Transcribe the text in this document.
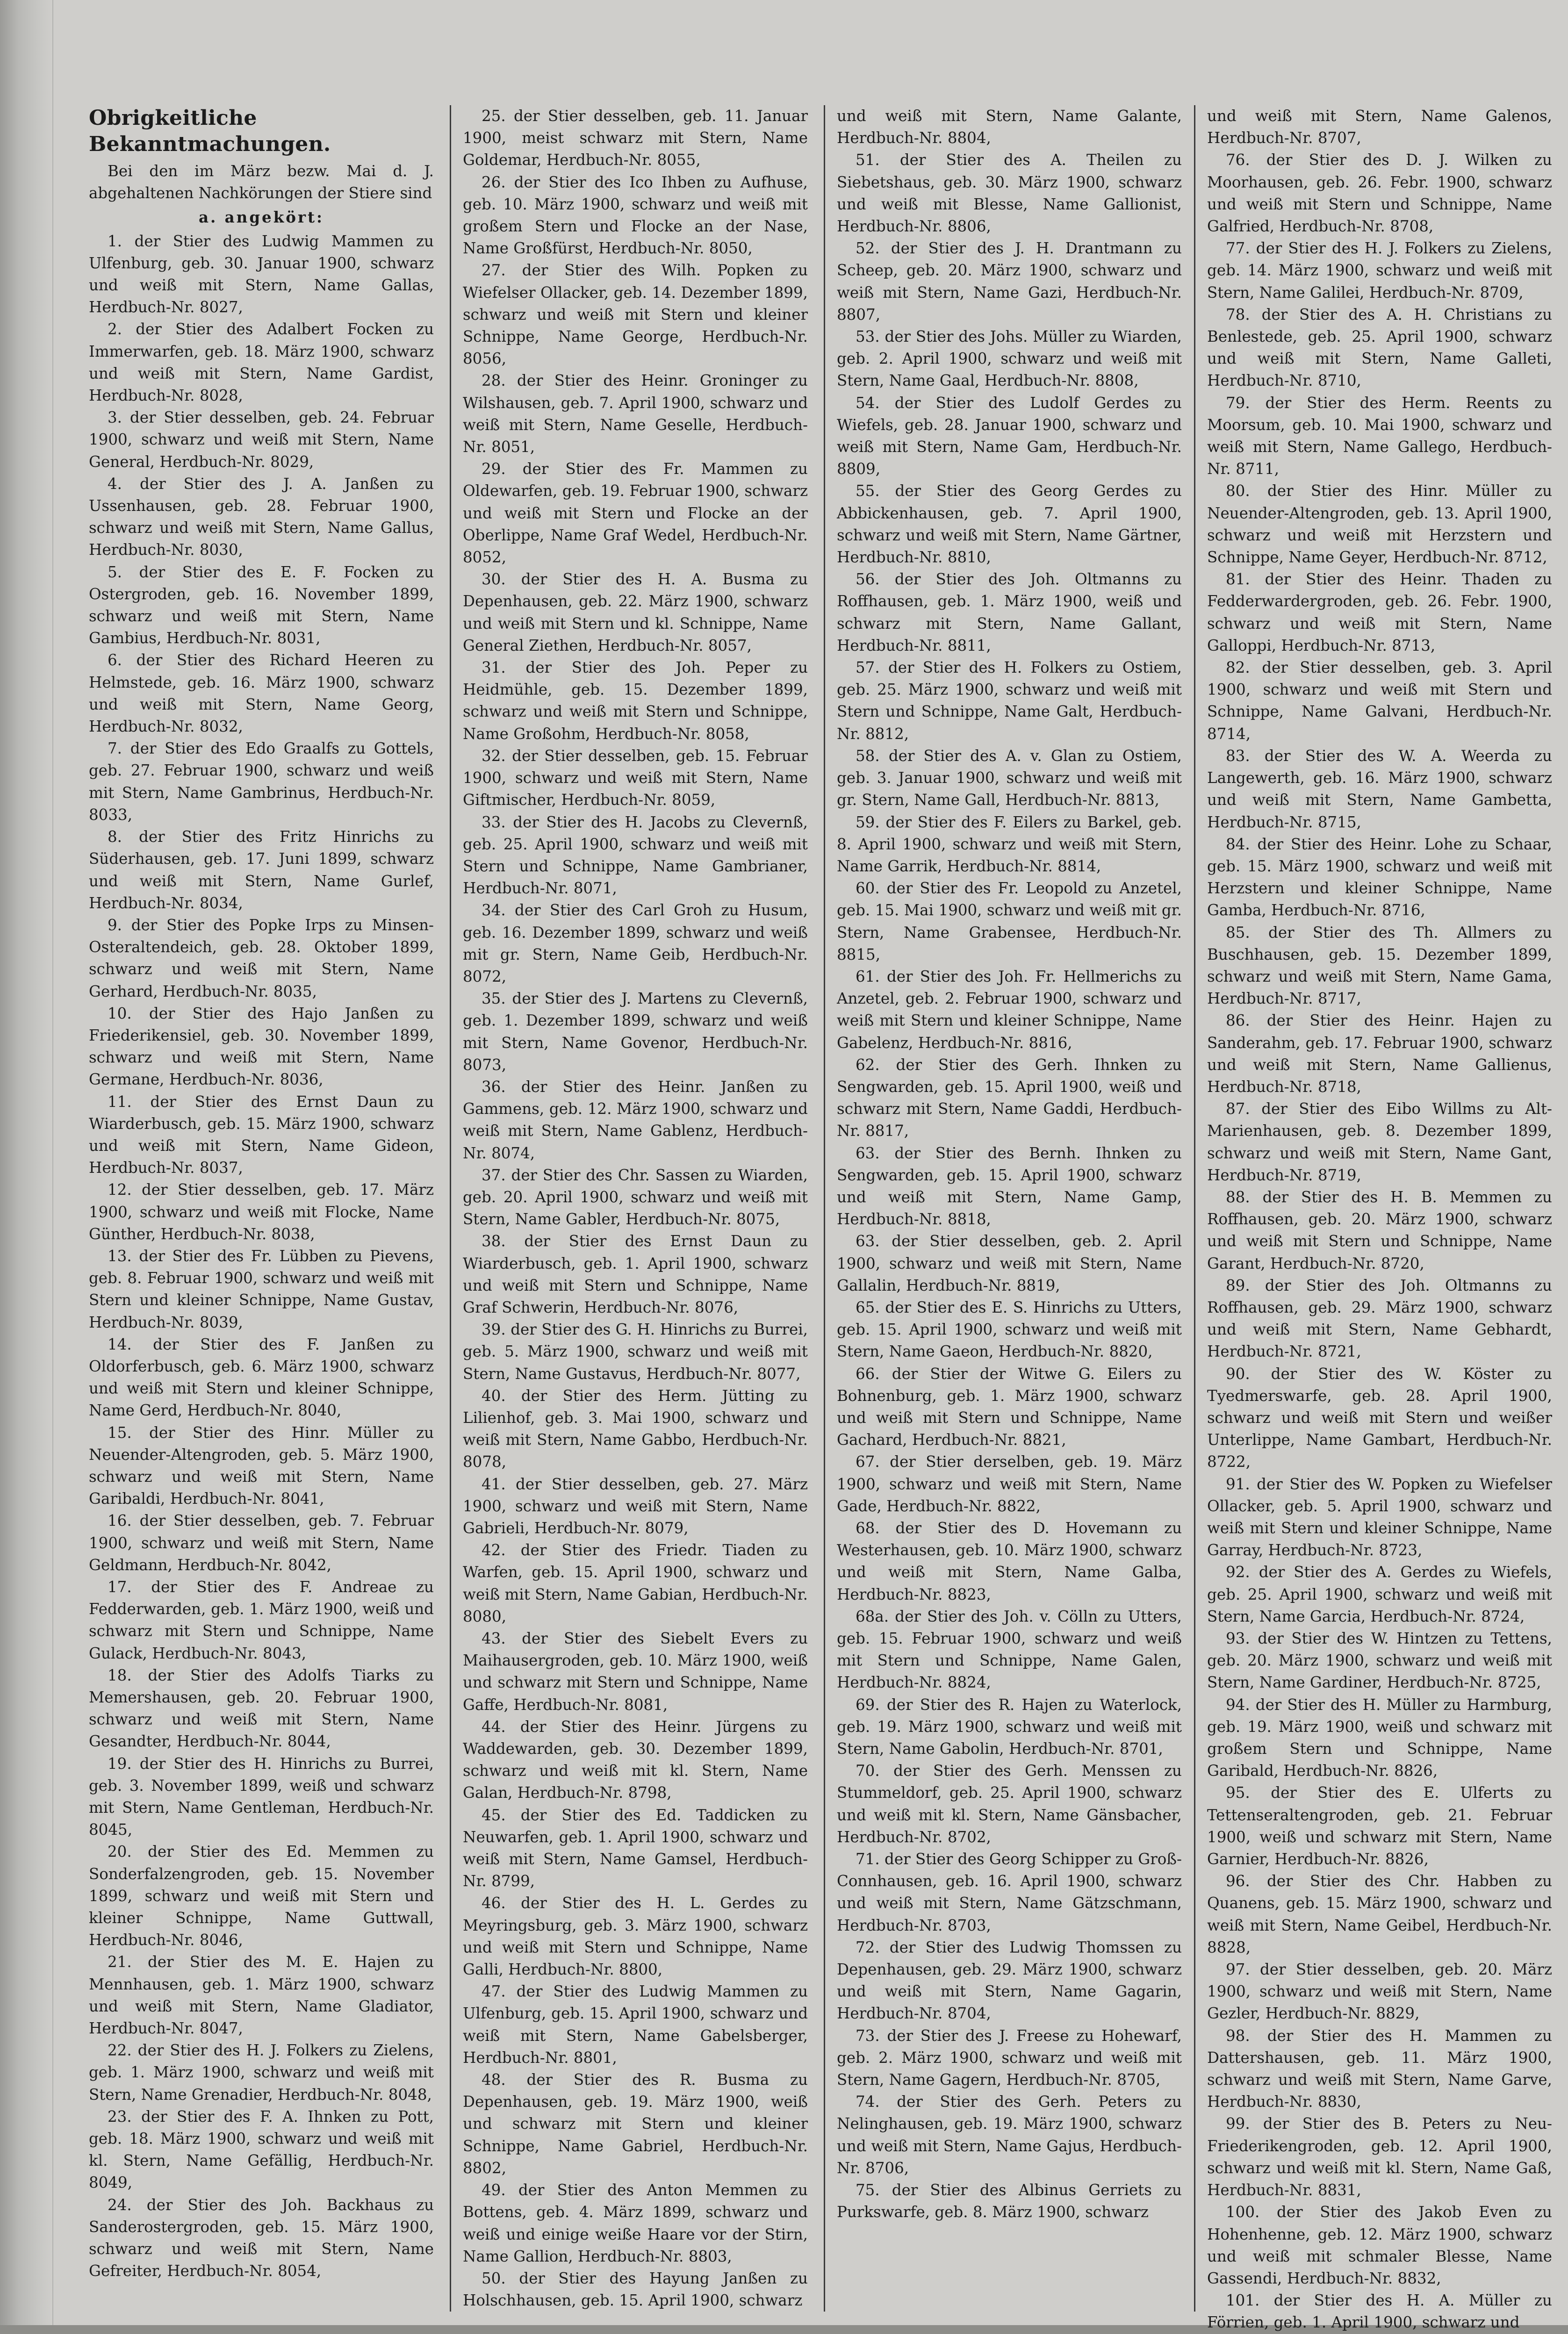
Obrigkeitliche Bekanntmachungen.

Bei den im März bezw. Mai d. J. abgehaltenen Nachkörungen der Stiere sind

a. angekört:

1. der Stier des Ludwig Mammen zu Ulfenburg, geb. 30. Januar 1900, schwarz und weiß mit Stern, Name Gallas, Herdbuch-Nr. 8027,

2. der Stier des Adalbert Focken zu Immerwarfen, geb. 18. März 1900, schwarz und weiß mit Stern, Name Gardist, Herdbuch-Nr. 8028,

3. der Stier desselben, geb. 24. Februar 1900, schwarz und weiß mit Stern, Name General, Herdbuch-Nr. 8029,

4. der Stier des J. A. Janßen zu Ussenhausen, geb. 28. Februar 1900, schwarz und weiß mit Stern, Name Gallus, Herdbuch-Nr. 8030,

5. der Stier des E. F. Focken zu Ostergroden, geb. 16. November 1899, schwarz und weiß mit Stern, Name Gambius, Herdbuch-Nr. 8031,

6. der Stier des Richard Heeren zu Helmstede, geb. 16. März 1900, schwarz und weiß mit Stern, Name Georg, Herdbuch-Nr. 8032,

7. der Stier des Edo Graalfs zu Gottels, geb. 27. Februar 1900, schwarz und weiß mit Stern, Name Gambrinus, Herdbuch-Nr. 8033,

8. der Stier des Fritz Hinrichs zu Süderhausen, geb. 17. Juni 1899, schwarz und weiß mit Stern, Name Gurlef, Herdbuch-Nr. 8034,

9. der Stier des Popke Irps zu Minsen-Osteraltendeich, geb. 28. Oktober 1899, schwarz und weiß mit Stern, Name Gerhard, Herdbuch-Nr. 8035,

10. der Stier des Hajo Janßen zu Friederikensiel, geb. 30. November 1899, schwarz und weiß mit Stern, Name Germane, Herdbuch-Nr. 8036,

11. der Stier des Ernst Daun zu Wiarderbusch, geb. 15. März 1900, schwarz und weiß mit Stern, Name Gideon, Herdbuch-Nr. 8037,

12. der Stier desselben, geb. 17. März 1900, schwarz und weiß mit Flocke, Name Günther, Herdbuch-Nr. 8038,

13. der Stier des Fr. Lübben zu Pievens, geb. 8. Februar 1900, schwarz und weiß mit Stern und kleiner Schnippe, Name Gustav, Herdbuch-Nr. 8039,

14. der Stier des F. Janßen zu Oldorferbusch, geb. 6. März 1900, schwarz und weiß mit Stern und kleiner Schnippe, Name Gerd, Herdbuch-Nr. 8040,

15. der Stier des Hinr. Müller zu Neuender-Altengroden, geb. 5. März 1900, schwarz und weiß mit Stern, Name Garibaldi, Herdbuch-Nr. 8041,

16. der Stier desselben, geb. 7. Februar 1900, schwarz und weiß mit Stern, Name Geldmann, Herdbuch-Nr. 8042,

17. der Stier des F. Andreae zu Fedderwarden, geb. 1. März 1900, weiß und schwarz mit Stern und Schnippe, Name Gulack, Herdbuch-Nr. 8043,

18. der Stier des Adolfs Tiarks zu Memershausen, geb. 20. Februar 1900, schwarz und weiß mit Stern, Name Gesandter, Herdbuch-Nr. 8044,

19. der Stier des H. Hinrichs zu Burrei, geb. 3. November 1899, weiß und schwarz mit Stern, Name Gentleman, Herdbuch-Nr. 8045,

20. der Stier des Ed. Memmen zu Sonderfalzengroden, geb. 15. November 1899, schwarz und weiß mit Stern und kleiner Schnippe, Name Guttwall, Herdbuch-Nr. 8046,

21. der Stier des M. E. Hajen zu Mennhausen, geb. 1. März 1900, schwarz und weiß mit Stern, Name Gladiator, Herdbuch-Nr. 8047,

22. der Stier des H. J. Folkers zu Zielens, geb. 1. März 1900, schwarz und weiß mit Stern, Name Grenadier, Herdbuch-Nr. 8048,

23. der Stier des F. A. Ihnken zu Pott, geb. 18. März 1900, schwarz und weiß mit kl. Stern, Name Gefällig, Herdbuch-Nr. 8049,

24. der Stier des Joh. Backhaus zu Sanderostergroden, geb. 15. März 1900, schwarz und weiß mit Stern, Name Gefreiter, Herdbuch-Nr. 8054,

25. der Stier desselben, geb. 11. Januar 1900, meist schwarz mit Stern, Name Goldemar, Herdbuch-Nr. 8055,

26. der Stier des Ico Ihben zu Aufhuse, geb. 10. März 1900, schwarz und weiß mit großem Stern und Flocke an der Nase, Name Großfürst, Herdbuch-Nr. 8050,

27. der Stier des Wilh. Popken zu Wiefelser Ollacker, geb. 14. Dezember 1899, schwarz und weiß mit Stern und kleiner Schnippe, Name George, Herdbuch-Nr. 8056,

28. der Stier des Heinr. Groninger zu Wilshausen, geb. 7. April 1900, schwarz und weiß mit Stern, Name Geselle, Herdbuch-Nr. 8051,

29. der Stier des Fr. Mammen zu Oldewarfen, geb. 19. Februar 1900, schwarz und weiß mit Stern und Flocke an der Oberlippe, Name Graf Wedel, Herdbuch-Nr. 8052,

30. der Stier des H. A. Busma zu Depenhausen, geb. 22. März 1900, schwarz und weiß mit Stern und kl. Schnippe, Name General Ziethen, Herdbuch-Nr. 8057,

31. der Stier des Joh. Peper zu Heidmühle, geb. 15. Dezember 1899, schwarz und weiß mit Stern und Schnippe, Name Großohm, Herdbuch-Nr. 8058,

32. der Stier desselben, geb. 15. Februar 1900, schwarz und weiß mit Stern, Name Giftmischer, Herdbuch-Nr. 8059,

33. der Stier des H. Jacobs zu Clevernß, geb. 25. April 1900, schwarz und weiß mit Stern und Schnippe, Name Gambrianer, Herdbuch-Nr. 8071,

34. der Stier des Carl Groh zu Husum, geb. 16. Dezember 1899, schwarz und weiß mit gr. Stern, Name Geib, Herdbuch-Nr. 8072,

35. der Stier des J. Martens zu Clevernß, geb. 1. Dezember 1899, schwarz und weiß mit Stern, Name Govenor, Herdbuch-Nr. 8073,

36. der Stier des Heinr. Janßen zu Gammens, geb. 12. März 1900, schwarz und weiß mit Stern, Name Gablenz, Herdbuch-Nr. 8074,

37. der Stier des Chr. Sassen zu Wiarden, geb. 20. April 1900, schwarz und weiß mit Stern, Name Gabler, Herdbuch-Nr. 8075,

38. der Stier des Ernst Daun zu Wiarderbusch, geb. 1. April 1900, schwarz und weiß mit Stern und Schnippe, Name Graf Schwerin, Herdbuch-Nr. 8076,

39. der Stier des G. H. Hinrichs zu Burrei, geb. 5. März 1900, schwarz und weiß mit Stern, Name Gustavus, Herdbuch-Nr. 8077,

40. der Stier des Herm. Jütting zu Lilienhof, geb. 3. Mai 1900, schwarz und weiß mit Stern, Name Gabbo, Herdbuch-Nr. 8078,

41. der Stier desselben, geb. 27. März 1900, schwarz und weiß mit Stern, Name Gabrieli, Herdbuch-Nr. 8079,

42. der Stier des Friedr. Tiaden zu Warfen, geb. 15. April 1900, schwarz und weiß mit Stern, Name Gabian, Herdbuch-Nr. 8080,

43. der Stier des Siebelt Evers zu Maihausergroden, geb. 10. März 1900, weiß und schwarz mit Stern und Schnippe, Name Gaffe, Herdbuch-Nr. 8081,

44. der Stier des Heinr. Jürgens zu Waddewarden, geb. 30. Dezember 1899, schwarz und weiß mit kl. Stern, Name Galan, Herdbuch-Nr. 8798,

45. der Stier des Ed. Taddicken zu Neuwarfen, geb. 1. April 1900, schwarz und weiß mit Stern, Name Gamsel, Herdbuch-Nr. 8799,

46. der Stier des H. L. Gerdes zu Meyringsburg, geb. 3. März 1900, schwarz und weiß mit Stern und Schnippe, Name Galli, Herdbuch-Nr. 8800,

47. der Stier des Ludwig Mammen zu Ulfenburg, geb. 15. April 1900, schwarz und weiß mit Stern, Name Gabelsberger, Herdbuch-Nr. 8801,

48. der Stier des R. Busma zu Depenhausen, geb. 19. März 1900, weiß und schwarz mit Stern und kleiner Schnippe, Name Gabriel, Herdbuch-Nr. 8802,

49. der Stier des Anton Memmen zu Bottens, geb. 4. März 1899, schwarz und weiß und einige weiße Haare vor der Stirn, Name Gallion, Herdbuch-Nr. 8803,

50. der Stier des Hayung Janßen zu Holschhausen, geb. 15. April 1900, schwarz

und weiß mit Stern, Name Galante, Herdbuch-Nr. 8804,

51. der Stier des A. Theilen zu Siebetshaus, geb. 30. März 1900, schwarz und weiß mit Blesse, Name Gallionist, Herdbuch-Nr. 8806,

52. der Stier des J. H. Drantmann zu Scheep, geb. 20. März 1900, schwarz und weiß mit Stern, Name Gazi, Herdbuch-Nr. 8807,

53. der Stier des Johs. Müller zu Wiarden, geb. 2. April 1900, schwarz und weiß mit Stern, Name Gaal, Herdbuch-Nr. 8808,

54. der Stier des Ludolf Gerdes zu Wiefels, geb. 28. Januar 1900, schwarz und weiß mit Stern, Name Gam, Herdbuch-Nr. 8809,

55. der Stier des Georg Gerdes zu Abbickenhausen, geb. 7. April 1900, schwarz und weiß mit Stern, Name Gärtner, Herdbuch-Nr. 8810,

56. der Stier des Joh. Oltmanns zu Roffhausen, geb. 1. März 1900, weiß und schwarz mit Stern, Name Gallant, Herdbuch-Nr. 8811,

57. der Stier des H. Folkers zu Ostiem, geb. 25. März 1900, schwarz und weiß mit Stern und Schnippe, Name Galt, Herdbuch-Nr. 8812,

58. der Stier des A. v. Glan zu Ostiem, geb. 3. Januar 1900, schwarz und weiß mit gr. Stern, Name Gall, Herdbuch-Nr. 8813,

59. der Stier des F. Eilers zu Barkel, geb. 8. April 1900, schwarz und weiß mit Stern, Name Garrik, Herdbuch-Nr. 8814,

60. der Stier des Fr. Leopold zu Anzetel, geb. 15. Mai 1900, schwarz und weiß mit gr. Stern, Name Grabensee, Herdbuch-Nr. 8815,

61. der Stier des Joh. Fr. Hellmerichs zu Anzetel, geb. 2. Februar 1900, schwarz und weiß mit Stern und kleiner Schnippe, Name Gabelenz, Herdbuch-Nr. 8816,

62. der Stier des Gerh. Ihnken zu Sengwarden, geb. 15. April 1900, weiß und schwarz mit Stern, Name Gaddi, Herdbuch-Nr. 8817,

63. der Stier des Bernh. Ihnken zu Sengwarden, geb. 15. April 1900, schwarz und weiß mit Stern, Name Gamp, Herdbuch-Nr. 8818,

63. der Stier desselben, geb. 2. April 1900, schwarz und weiß mit Stern, Name Gallalin, Herdbuch-Nr. 8819,

65. der Stier des E. S. Hinrichs zu Utters, geb. 15. April 1900, schwarz und weiß mit Stern, Name Gaeon, Herdbuch-Nr. 8820,

66. der Stier der Witwe G. Eilers zu Bohnenburg, geb. 1. März 1900, schwarz und weiß mit Stern und Schnippe, Name Gachard, Herdbuch-Nr. 8821,

67. der Stier derselben, geb. 19. März 1900, schwarz und weiß mit Stern, Name Gade, Herdbuch-Nr. 8822,

68. der Stier des D. Hovemann zu Westerhausen, geb. 10. März 1900, schwarz und weiß mit Stern, Name Galba, Herdbuch-Nr. 8823,

68a. der Stier des Joh. v. Cölln zu Utters, geb. 15. Februar 1900, schwarz und weiß mit Stern und Schnippe, Name Galen, Herdbuch-Nr. 8824,

69. der Stier des R. Hajen zu Waterlock, geb. 19. März 1900, schwarz und weiß mit Stern, Name Gabolin, Herdbuch-Nr. 8701,

70. der Stier des Gerh. Menssen zu Stummeldorf, geb. 25. April 1900, schwarz und weiß mit kl. Stern, Name Gänsbacher, Herdbuch-Nr. 8702,

71. der Stier des Georg Schipper zu Groß-Connhausen, geb. 16. April 1900, schwarz und weiß mit Stern, Name Gätzschmann, Herdbuch-Nr. 8703,

72. der Stier des Ludwig Thomssen zu Depenhausen, geb. 29. März 1900, schwarz und weiß mit Stern, Name Gagarin, Herdbuch-Nr. 8704,

73. der Stier des J. Freese zu Hohewarf, geb. 2. März 1900, schwarz und weiß mit Stern, Name Gagern, Herdbuch-Nr. 8705,

74. der Stier des Gerh. Peters zu Nelinghausen, geb. 19. März 1900, schwarz und weiß mit Stern, Name Gajus, Herdbuch-Nr. 8706,

75. der Stier des Albinus Gerriets zu Purkswarfe, geb. 8. März 1900, schwarz

und weiß mit Stern, Name Galenos, Herdbuch-Nr. 8707,

76. der Stier des D. J. Wilken zu Moorhausen, geb. 26. Febr. 1900, schwarz und weiß mit Stern und Schnippe, Name Galfried, Herdbuch-Nr. 8708,

77. der Stier des H. J. Folkers zu Zielens, geb. 14. März 1900, schwarz und weiß mit Stern, Name Galilei, Herdbuch-Nr. 8709,

78. der Stier des A. H. Christians zu Benlestede, geb. 25. April 1900, schwarz und weiß mit Stern, Name Galleti, Herdbuch-Nr. 8710,

79. der Stier des Herm. Reents zu Moorsum, geb. 10. Mai 1900, schwarz und weiß mit Stern, Name Gallego, Herdbuch-Nr. 8711,

80. der Stier des Hinr. Müller zu Neuender-Altengroden, geb. 13. April 1900, schwarz und weiß mit Herzstern und Schnippe, Name Geyer, Herdbuch-Nr. 8712,

81. der Stier des Heinr. Thaden zu Fedderwardergroden, geb. 26. Febr. 1900, schwarz und weiß mit Stern, Name Galloppi, Herdbuch-Nr. 8713,

82. der Stier desselben, geb. 3. April 1900, schwarz und weiß mit Stern und Schnippe, Name Galvani, Herdbuch-Nr. 8714,

83. der Stier des W. A. Weerda zu Langewerth, geb. 16. März 1900, schwarz und weiß mit Stern, Name Gambetta, Herdbuch-Nr. 8715,

84. der Stier des Heinr. Lohe zu Schaar, geb. 15. März 1900, schwarz und weiß mit Herzstern und kleiner Schnippe, Name Gamba, Herdbuch-Nr. 8716,

85. der Stier des Th. Allmers zu Buschhausen, geb. 15. Dezember 1899, schwarz und weiß mit Stern, Name Gama, Herdbuch-Nr. 8717,

86. der Stier des Heinr. Hajen zu Sanderahm, geb. 17. Februar 1900, schwarz und weiß mit Stern, Name Gallienus, Herdbuch-Nr. 8718,

87. der Stier des Eibo Willms zu Alt-Marienhausen, geb. 8. Dezember 1899, schwarz und weiß mit Stern, Name Gant, Herdbuch-Nr. 8719,

88. der Stier des H. B. Memmen zu Roffhausen, geb. 20. März 1900, schwarz und weiß mit Stern und Schnippe, Name Garant, Herdbuch-Nr. 8720,

89. der Stier des Joh. Oltmanns zu Roffhausen, geb. 29. März 1900, schwarz und weiß mit Stern, Name Gebhardt, Herdbuch-Nr. 8721,

90. der Stier des W. Köster zu Tyedmerswarfe, geb. 28. April 1900, schwarz und weiß mit Stern und weißer Unterlippe, Name Gambart, Herdbuch-Nr. 8722,

91. der Stier des W. Popken zu Wiefelser Ollacker, geb. 5. April 1900, schwarz und weiß mit Stern und kleiner Schnippe, Name Garray, Herdbuch-Nr. 8723,

92. der Stier des A. Gerdes zu Wiefels, geb. 25. April 1900, schwarz und weiß mit Stern, Name Garcia, Herdbuch-Nr. 8724,

93. der Stier des W. Hintzen zu Tettens, geb. 20. März 1900, schwarz und weiß mit Stern, Name Gardiner, Herdbuch-Nr. 8725,

94. der Stier des H. Müller zu Harmburg, geb. 19. März 1900, weiß und schwarz mit großem Stern und Schnippe, Name Garibald, Herdbuch-Nr. 8826,

95. der Stier des E. Ulferts zu Tettenseraltengroden, geb. 21. Februar 1900, weiß und schwarz mit Stern, Name Garnier, Herdbuch-Nr. 8826,

96. der Stier des Chr. Habben zu Quanens, geb. 15. März 1900, schwarz und weiß mit Stern, Name Geibel, Herdbuch-Nr. 8828,

97. der Stier desselben, geb. 20. März 1900, schwarz und weiß mit Stern, Name Gezler, Herdbuch-Nr. 8829,

98. der Stier des H. Mammen zu Dattershausen, geb. 11. März 1900, schwarz und weiß mit Stern, Name Garve, Herdbuch-Nr. 8830,

99. der Stier des B. Peters zu Neu-Friederikengroden, geb. 12. April 1900, schwarz und weiß mit kl. Stern, Name Gaß, Herdbuch-Nr. 8831,

100. der Stier des Jakob Even zu Hohenhenne, geb. 12. März 1900, schwarz und weiß mit schmaler Blesse, Name Gassendi, Herdbuch-Nr. 8832,

101. der Stier des H. A. Müller zu Förrien, geb. 1. April 1900, schwarz und
